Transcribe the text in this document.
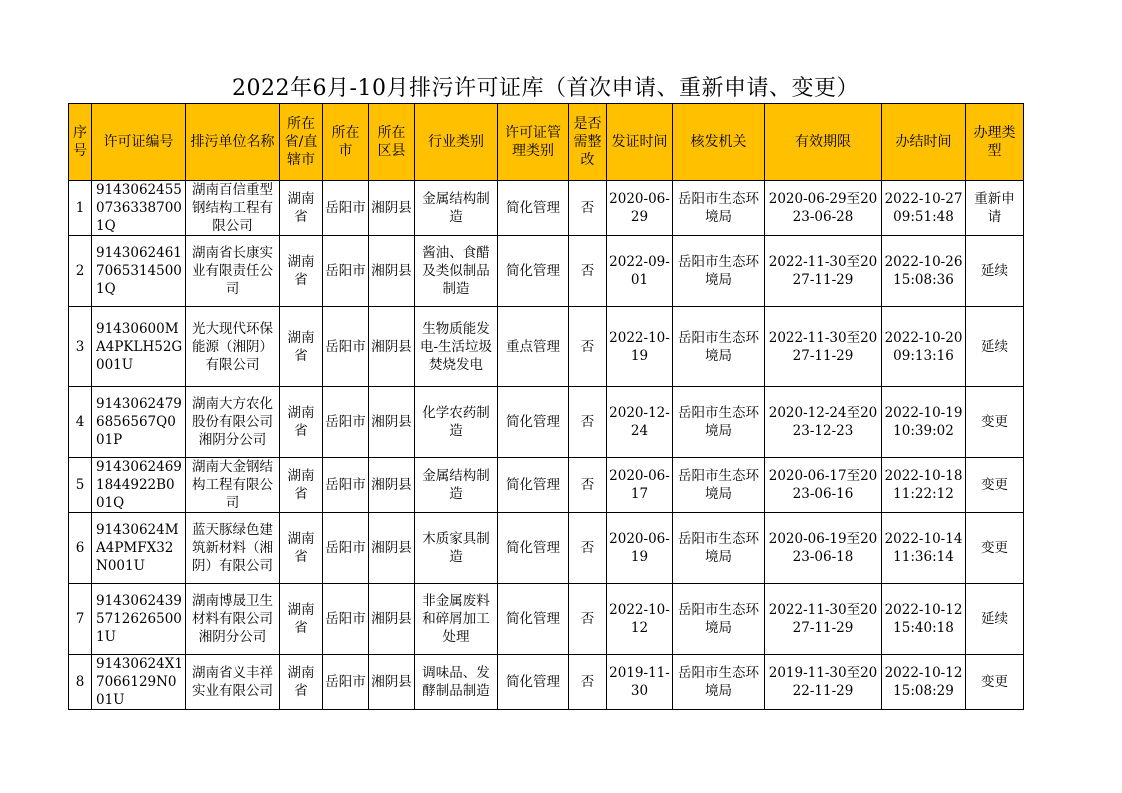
2022年6月-10月排污许可证库（首次申请、重新申请、变更）
序号	许可证编号	排污单位名称	所在省/直辖市	所在市	所在区县	行业类别	许可证管理类别	是否需整改	发证时间	核发机关	有效期限	办结时间	办理类型
1	914306245507363387001Q	湖南百信重型钢结构工程有限公司	湖南省	岳阳市	湘阴县	金属结构制造	简化管理	否	2020-06-29	岳阳市生态环境局	2020-06-29至2023-06-28	2022-10-27 09:51:48	重新申请
2	914306246170653145001Q	湖南省长康实业有限责任公司	湖南省	岳阳市	湘阴县	酱油、食醋及类似制品制造	简化管理	否	2022-09-01	岳阳市生态环境局	2022-11-30至2027-11-29	2022-10-26 15:08:36	延续
3	91430600MA4PKLH52G001U	光大现代环保能源（湘阴）有限公司	湖南省	岳阳市	湘阴县	生物质能发电-生活垃圾焚烧发电	重点管理	否	2022-10-19	岳阳市生态环境局	2022-11-30至2027-11-29	2022-10-20 09:13:16	延续
4	91430624796856567Q001P	湖南大方农化股份有限公司湘阴分公司	湖南省	岳阳市	湘阴县	化学农药制造	简化管理	否	2020-12-24	岳阳市生态环境局	2020-12-24至2023-12-23	2022-10-19 10:39:02	变更
5	91430624691844922B001Q	湖南大金钢结构工程有限公司	湖南省	岳阳市	湘阴县	金属结构制造	简化管理	否	2020-06-17	岳阳市生态环境局	2020-06-17至2023-06-16	2022-10-18 11:22:12	变更
6	91430624MA4PMFX32N001U	蓝天豚绿色建筑新材料（湘阴）有限公司	湖南省	岳阳市	湘阴县	木质家具制造	简化管理	否	2020-06-19	岳阳市生态环境局	2020-06-19至2023-06-18	2022-10-14 11:36:14	变更
7	914306243957126265001U	湖南博晟卫生材料有限公司湘阴分公司	湖南省	岳阳市	湘阴县	非金属废料和碎屑加工处理	简化管理	否	2022-10-12	岳阳市生态环境局	2022-11-30至2027-11-29	2022-10-12 15:40:18	延续
8	91430624X17066129N001U	湖南省义丰祥实业有限公司	湖南省	岳阳市	湘阴县	调味品、发酵制品制造	简化管理	否	2019-11-30	岳阳市生态环境局	2019-11-30至2022-11-29	2022-10-12 15:08:29	变更
